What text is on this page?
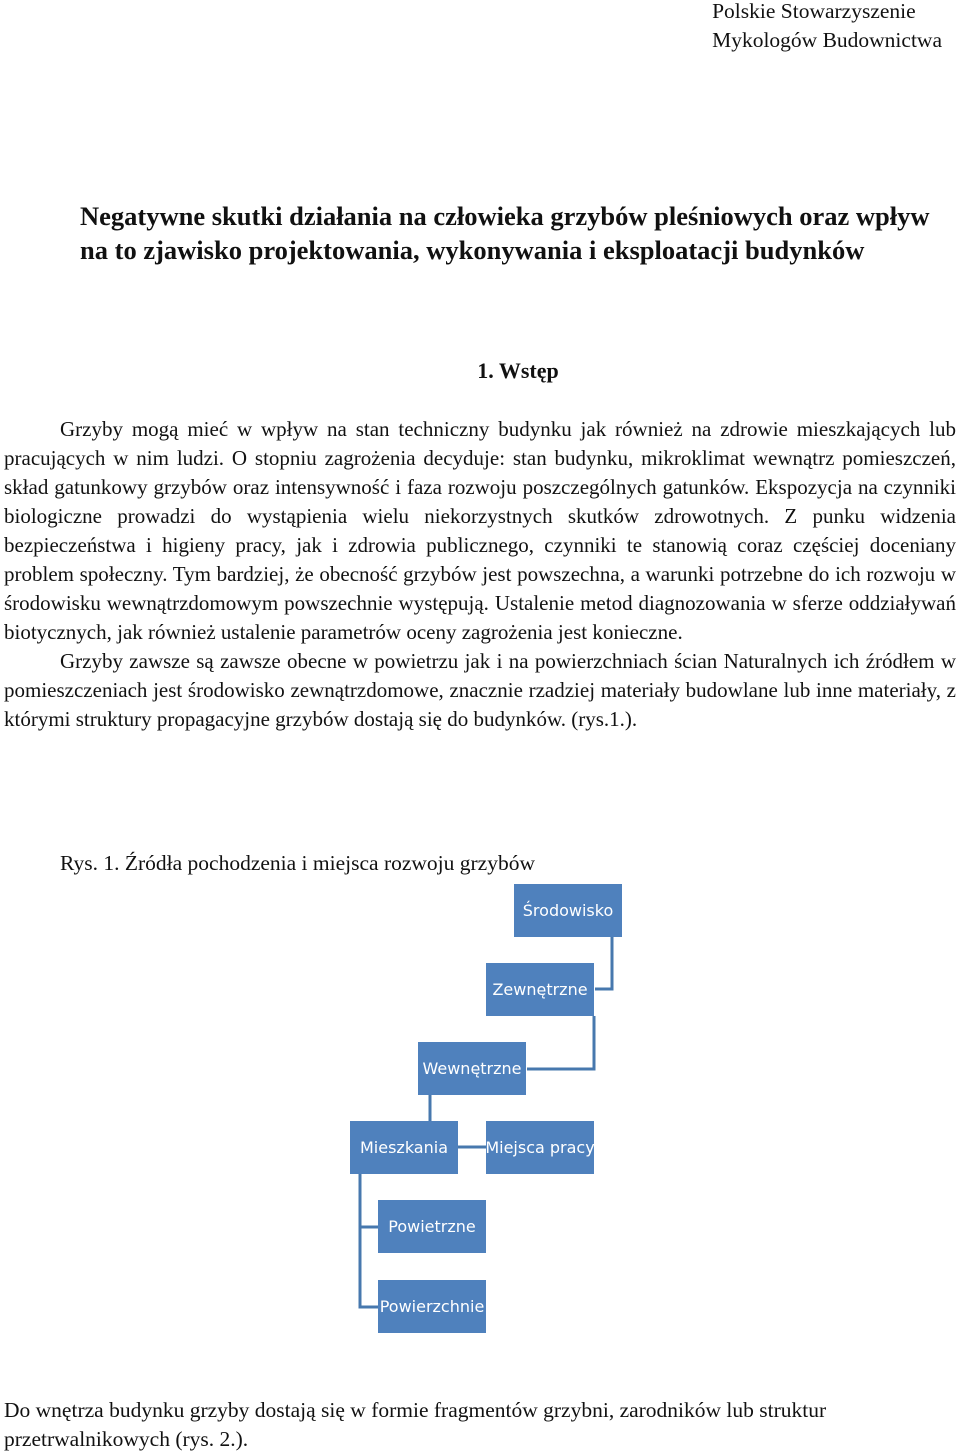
Polskie Stowarzyszenie
Mykologów Budownictwa
Negatywne skutki działania na człowieka grzybów pleśniowych oraz wpływ na to zjawisko projektowania, wykonywania i eksploatacji budynków
1. Wstęp

Grzyby mogą mieć w wpływ na stan techniczny budynku jak również na zdrowie mieszkających lub pracujących w nim ludzi. O stopniu zagrożenia decyduje: stan budynku, mikroklimat wewnątrz pomieszczeń, skład gatunkowy grzybów oraz intensywność i faza rozwoju poszczególnych gatunków. Ekspozycja na czynniki biologiczne prowadzi do wystąpienia wielu niekorzystnych skutków zdrowotnych. Z punku widzenia bezpieczeństwa i higieny pracy, jak i zdrowia publicznego, czynniki te stanowią coraz częściej doceniany problem społeczny. Tym bardziej, że obecność grzybów jest powszechna, a warunki potrzebne do ich rozwoju w środowisku wewnątrzdomowym powszechnie występują. Ustalenie metod diagnozowania w sferze oddziaływań biotycznych, jak również ustalenie parametrów oceny zagrożenia jest konieczne.

Grzyby zawsze są zawsze obecne w powietrzu jak i na powierzchniach ścian Naturalnych ich źródłem w pomieszczeniach jest środowisko zewnątrzdomowe, znacznie rzadziej materiały budowlane lub inne materiały, z którymi struktury propagacyjne grzybów dostają się do budynków. (rys.1.).

Rys. 1. Źródła pochodzenia i miejsca rozwoju grzybów

Środowisko
Zewnętrzne
Wewnętrzne
Mieszkania Miejsca pracy
Powietrzne
Powierzchnie

Do wnętrza budynku grzyby dostają się w formie fragmentów grzybni, zarodników lub struktur przetrwalnikowych (rys. 2.).
